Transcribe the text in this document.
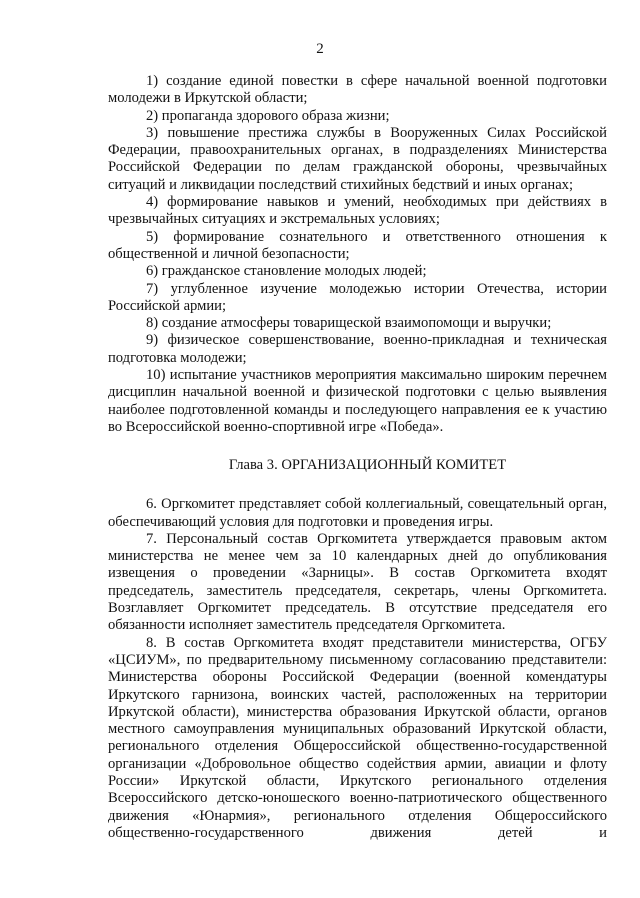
2

1) создание единой повестки в сфере начальной военной подготовки молодежи в Иркутской области;

2) пропаганда здорового образа жизни;

3) повышение престижа службы в Вооруженных Силах Российской Федерации, правоохранительных органах, в подразделениях Министерства Российской Федерации по делам гражданской обороны, чрезвычайных ситуаций и ликвидации последствий стихийных бедствий и иных органах;

4) формирование навыков и умений, необходимых при действиях в чрезвычайных ситуациях и экстремальных условиях;

5) формирование сознательного и ответственного отношения к общественной и личной безопасности;

6) гражданское становление молодых людей;

7) углубленное изучение молодежью истории Отечества, истории Российской армии;

8) создание атмосферы товарищеской взаимопомощи и выручки;

9) физическое совершенствование, военно-прикладная и техническая подготовка молодежи;

10) испытание участников мероприятия максимально широким перечнем дисциплин начальной военной и физической подготовки с целью выявления наиболее подготовленной команды и последующего направления ее к участию во Всероссийской военно-спортивной игре «Победа».

Глава 3. ОРГАНИЗАЦИОННЫЙ КОМИТЕТ

6. Оргкомитет представляет собой коллегиальный, совещательный орган, обеспечивающий условия для подготовки и проведения игры.

7. Персональный состав Оргкомитета утверждается правовым актом министерства не менее чем за 10 календарных дней до опубликования извещения о проведении «Зарницы». В состав Оргкомитета входят председатель, заместитель председателя, секретарь, члены Оргкомитета. Возглавляет Оргкомитет председатель. В отсутствие председателя его обязанности исполняет заместитель председателя Оргкомитета.

8. В состав Оргкомитета входят представители министерства, ОГБУ «ЦСИУМ», по предварительному письменному согласованию представители: Министерства обороны Российской Федерации (военной комендатуры Иркутского гарнизона, воинских частей, расположенных на территории Иркутской области), министерства образования Иркутской области, органов местного самоуправления муниципальных образований Иркутской области, регионального отделения Общероссийской общественно-государственной организации «Добровольное общество содействия армии, авиации и флоту России» Иркутской области, Иркутского регионального отделения Всероссийского детско-юношеского военно-патриотического общественного движения «Юнармия», регионального отделения Общероссийского общественно-государственного движения детей и
